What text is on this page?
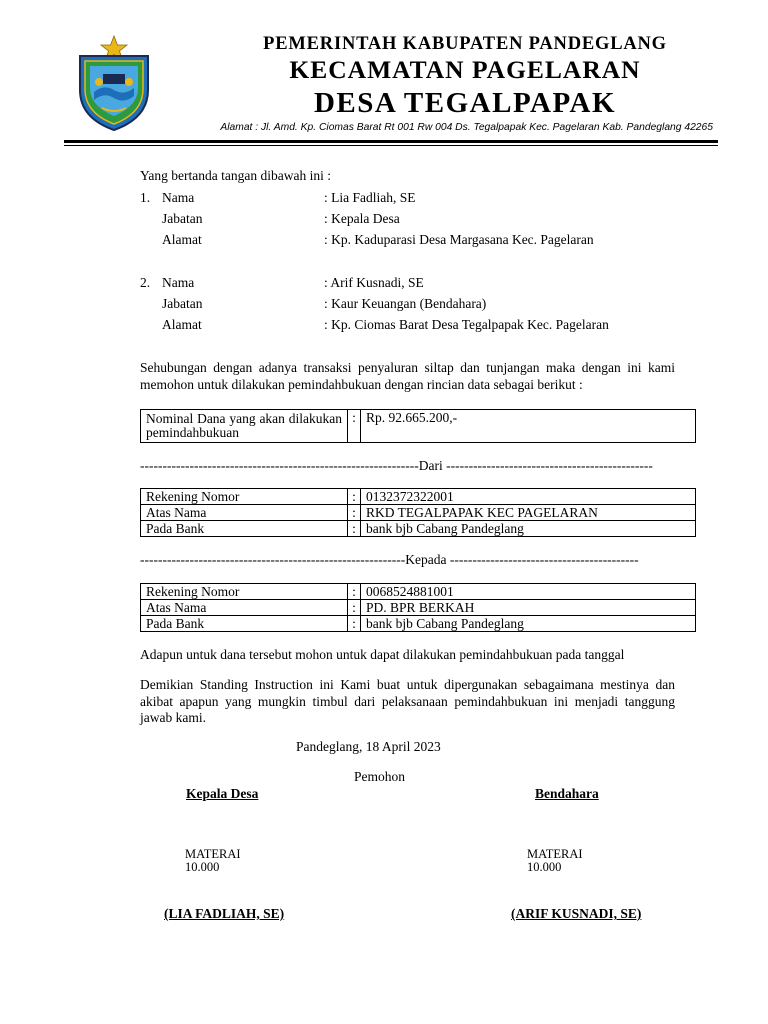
PEMERINTAH KABUPATEN PANDEGLANG
KECAMATAN PAGELARAN
DESA TEGALPAPAK
Alamat : Jl. Amd. Kp. Ciomas Barat Rt 001 Rw 004 Ds. Tegalpapak Kec. Pagelaran Kab. Pandeglang 42265
Yang bertanda tangan dibawah ini :
1. Nama	: Lia Fadliah, SE
Jabatan	: Kepala Desa
Alamat	: Kp. Kaduparasi Desa Margasana Kec. Pagelaran
2. Nama	: Arif Kusnadi, SE
Jabatan	: Kaur Keuangan (Bendahara)
Alamat	: Kp. Ciomas Barat Desa Tegalpapak Kec. Pagelaran
Sehubungan dengan adanya transaksi penyaluran siltap dan tunjangan maka dengan ini kami memohon untuk dilakukan pemindahbukuan dengan rincian data sebagai berikut :
Nominal Dana yang akan dilakukan pemindahbukuan	:	Rp. 92.665.200,-
--------------------------------------------------------------Dari ----------------------------------------------
Rekening Nomor	:	0132372322001
Atas Nama	:	RKD TEGALPAPAK KEC PAGELARAN
Pada Bank	:	bank bjb Cabang Pandeglang
-----------------------------------------------------------Kepada ------------------------------------------
Rekening Nomor	:	0068524881001
Atas Nama	:	PD. BPR BERKAH
Pada Bank	:	bank bjb Cabang Pandeglang
Adapun untuk dana tersebut mohon untuk dapat dilakukan pemindahbukuan pada tanggal
Demikian Standing Instruction ini Kami buat untuk dipergunakan sebagaimana mestinya dan akibat apapun yang mungkin timbul dari pelaksanaan pemindahbukuan ini menjadi tanggung jawab kami.
Pandeglang, 18 April 2023
Pemohon
Kepala Desa	Bendahara
MATERAI
10.000
MATERAI
10.000
(LIA FADLIAH, SE)	(ARIF KUSNADI, SE)
